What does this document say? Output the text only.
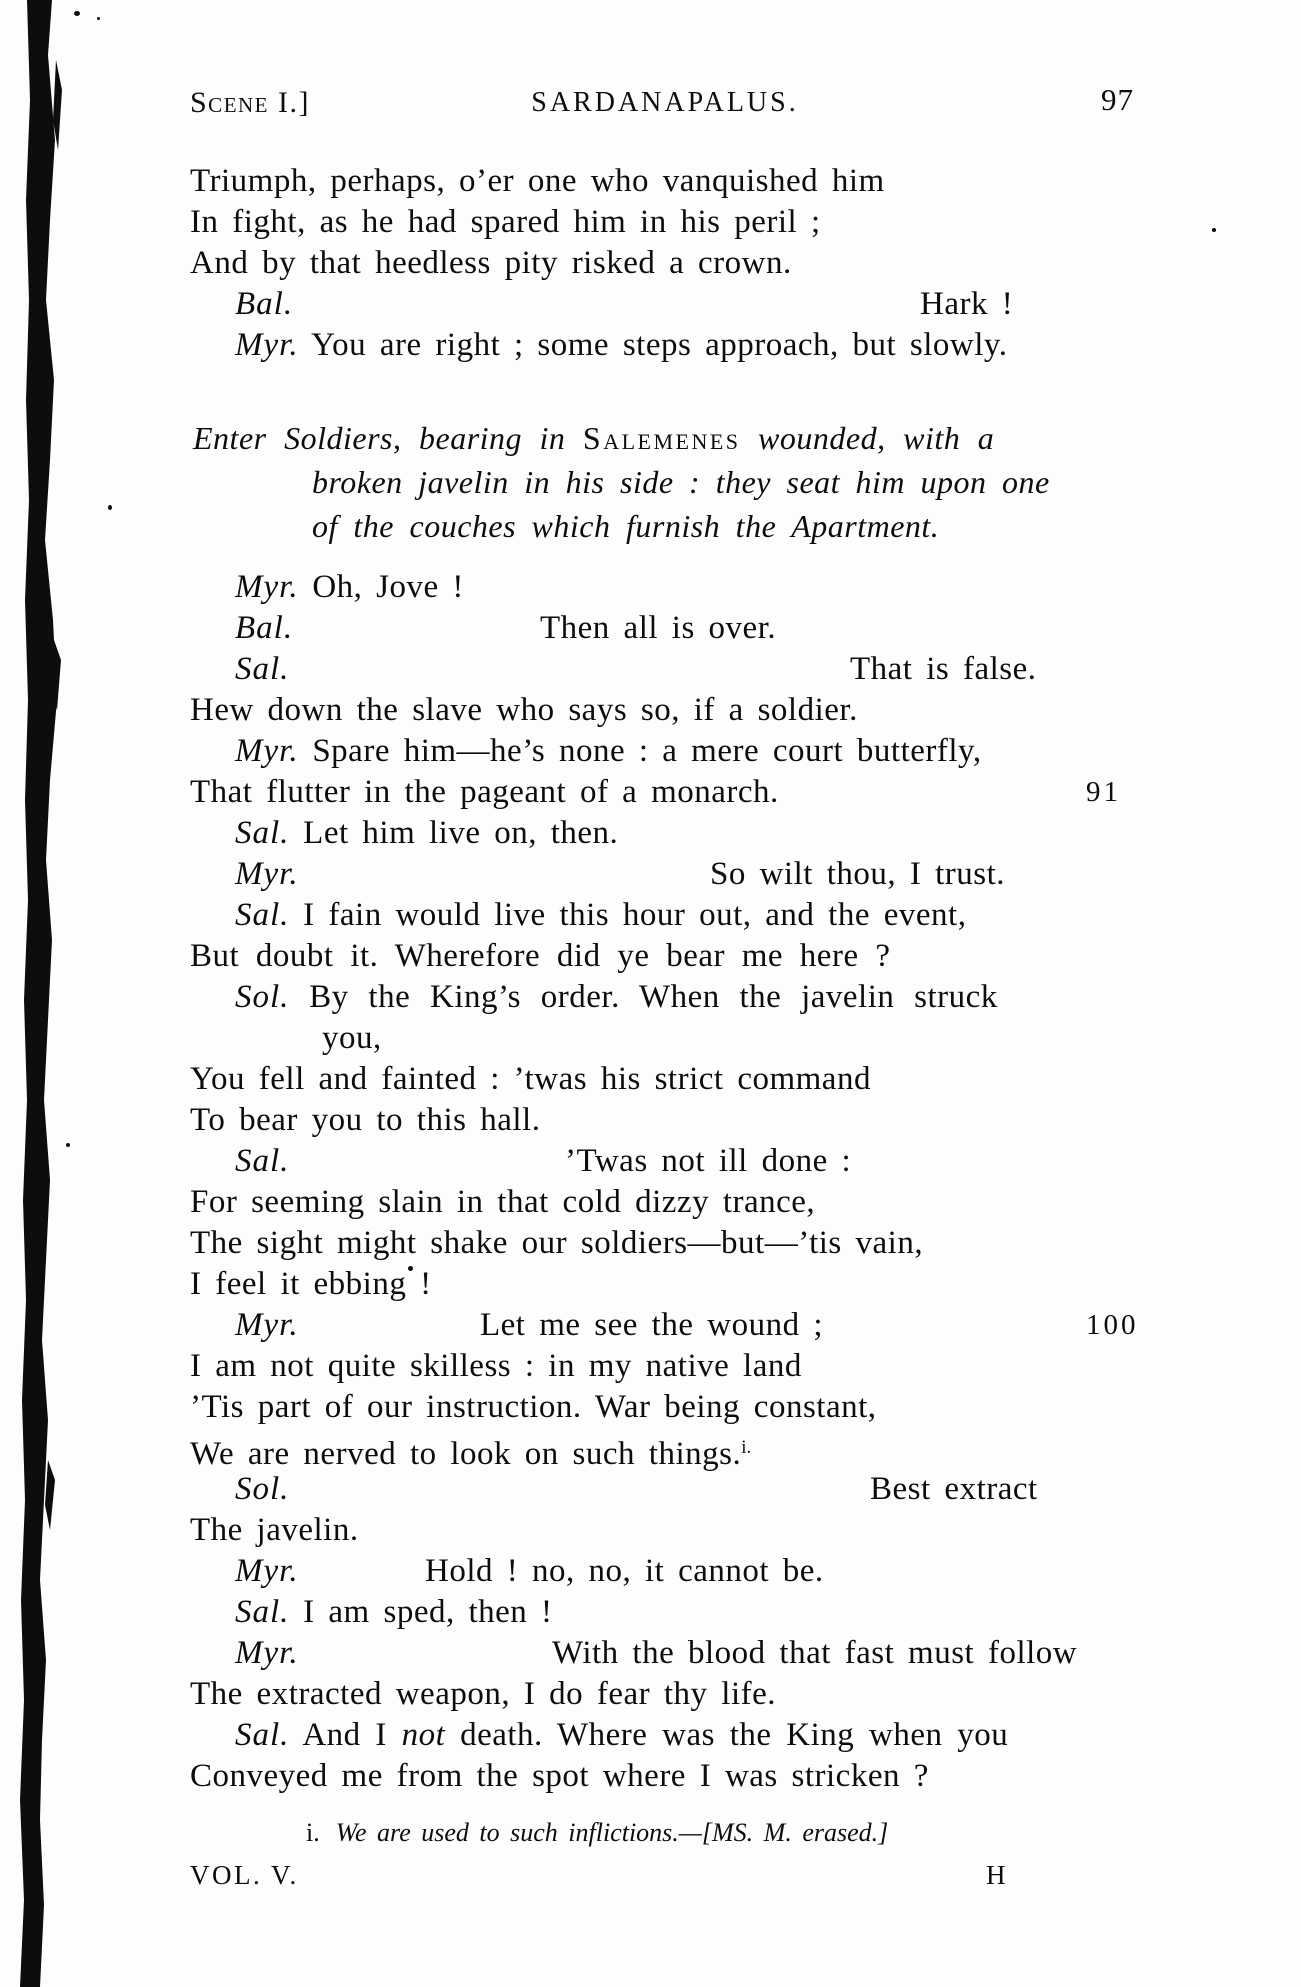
Scene I.]	SARDANAPALUS.	97
Triumph, perhaps, o’er one who vanquished him
In fight, as he had spared him in his peril ;
And by that heedless pity risked a crown.
Bal.	Hark !
Myr. You are right ; some steps approach, but slowly.
Enter Soldiers, bearing in Salemenes wounded, with a
broken javelin in his side : they seat him upon one
of the couches which furnish the Apartment.
Myr. Oh, Jove !
Bal.	Then all is over.
Sal.	That is false.
Hew down the slave who says so, if a soldier.
Myr. Spare him—he’s none : a mere court butterfly,
That flutter in the pageant of a monarch.	91
Sal. Let him live on, then.
Myr.	So wilt thou, I trust.
Sal. I fain would live this hour out, and the event,
But doubt it. Wherefore did ye bear me here ?
Sol. By the King’s order. When the javelin struck
you,
You fell and fainted : ’twas his strict command
To bear you to this hall.
Sal.	’Twas not ill done :
For seeming slain in that cold dizzy trance,
The sight might shake our soldiers—but—’tis vain,
I feel it ebbing !
Myr.	Let me see the wound ;	100
I am not quite skilless : in my native land
’Tis part of our instruction. War being constant,
We are nerved to look on such things.$^{i.}$
Sol.	Best extract
The javelin.
Myr.	Hold ! no, no, it cannot be.
Sal. I am sped, then !
Myr.	With the blood that fast must follow
The extracted weapon, I do fear thy life.
Sal. And I not death. Where was the King when you
Conveyed me from the spot where I was stricken ?
i. We are used to such inflictions.—[MS. M. erased.]
VOL. V.	H
